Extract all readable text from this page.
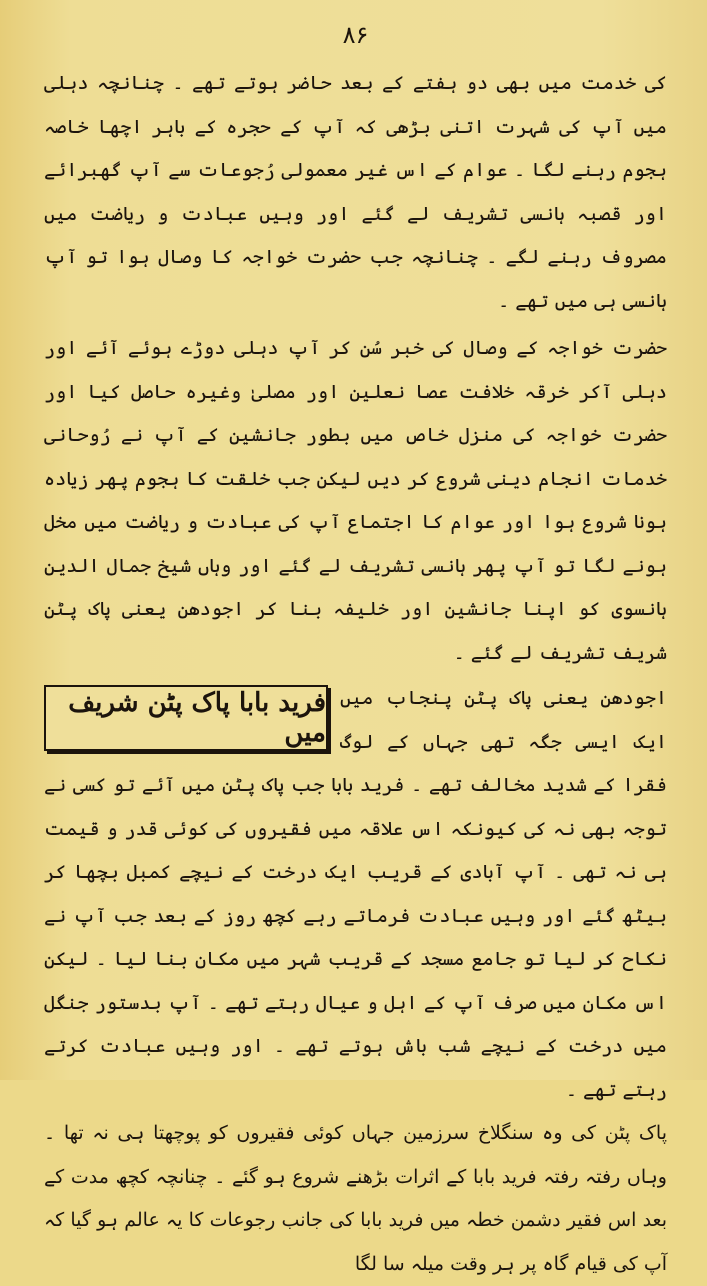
۸۶

کی خدمت میں بھی دو ہفتے کے بعد حاضر ہوتے تھے ۔ چنانچہ دہلی میں آپ کی شہرت اتنی بڑھی کہ آپ کے حجرہ کے باہر اچھا خاصہ ہجوم رہنے لگا ۔ عوام کے اس غیر معمولی رُجوعات سے آپ گھبرائے اور قصبہ ہانسی تشریف لے گئے اور وہیں عبادت و ریاضت میں مصروف رہنے لگے ۔ چنانچہ جب حضرت خواجہ کا وصال ہوا تو آپ ہانسی ہی میں تھے ۔

حضرت خواجہ کے وصال کی خبر سُن کر آپ دہلی دوڑے ہوئے آئے اور دہلی آکر خرقہ خلافت عصا نعلین اور مصلیٰ وغیرہ حاصل کیا اور حضرت خواجہ کی منزل خاص میں بطور جانشین کے آپ نے رُوحانی خدمات انجام دینی شروع کر دیں لیکن جب خلقت کا ہجوم پھر زیادہ ہونا شروع ہوا اور عوام کا اجتماع آپ کی عبادت و ریاضت میں مخل ہونے لگا تو آپ پھر ہانسی تشریف لے گئے اور وہاں شیخ جمال الدین ہانسوی کو اپنا جانشین اور خلیفہ بنا کر اجودھن یعنی پاک پٹن شریف تشریف لے گئے ۔

فرید بابا پاک پٹن شریف میں

اجودھن یعنی پاک پٹن پنجاب میں ایک ایسی جگہ تھی جہاں کے لوگ فقرا کے شدید مخالف تھے ۔ فرید بابا جب پاک پٹن میں آئے تو کسی نے توجہ بھی نہ کی کیونکہ اس علاقہ میں فقیروں کی کوئی قدر و قیمت ہی نہ تھی ۔ آپ آبادی کے قریب ایک درخت کے نیچے کمبل بچھا کر بیٹھ گئے اور وہیں عبادت فرماتے رہے کچھ روز کے بعد جب آپ نے نکاح کر لیا تو جامع مسجد کے قریب شہر میں مکان بنا لیا ۔ لیکن اس مکان میں صرف آپ کے اہل و عیال رہتے تھے ۔ آپ بدستور جنگل میں درخت کے نیچے شب باش ہوتے تھے ۔ اور وہیں عبادت کرتے رہتے تھے ۔

پاک پٹن کی وہ سنگلاخ سرزمین جہاں کوئی فقیروں کو پوچھتا ہی نہ تھا ۔ وہاں رفتہ رفتہ فرید بابا کے اثرات بڑھنے شروع ہو گئے ۔ چنانچہ کچھ مدت کے بعد اس فقیر دشمن خطہ میں فرید بابا کی جانب رجوعات کا یہ عالم ہو گیا کہ آپ کی قیام گاہ پر ہر وقت میلہ سا لگا
